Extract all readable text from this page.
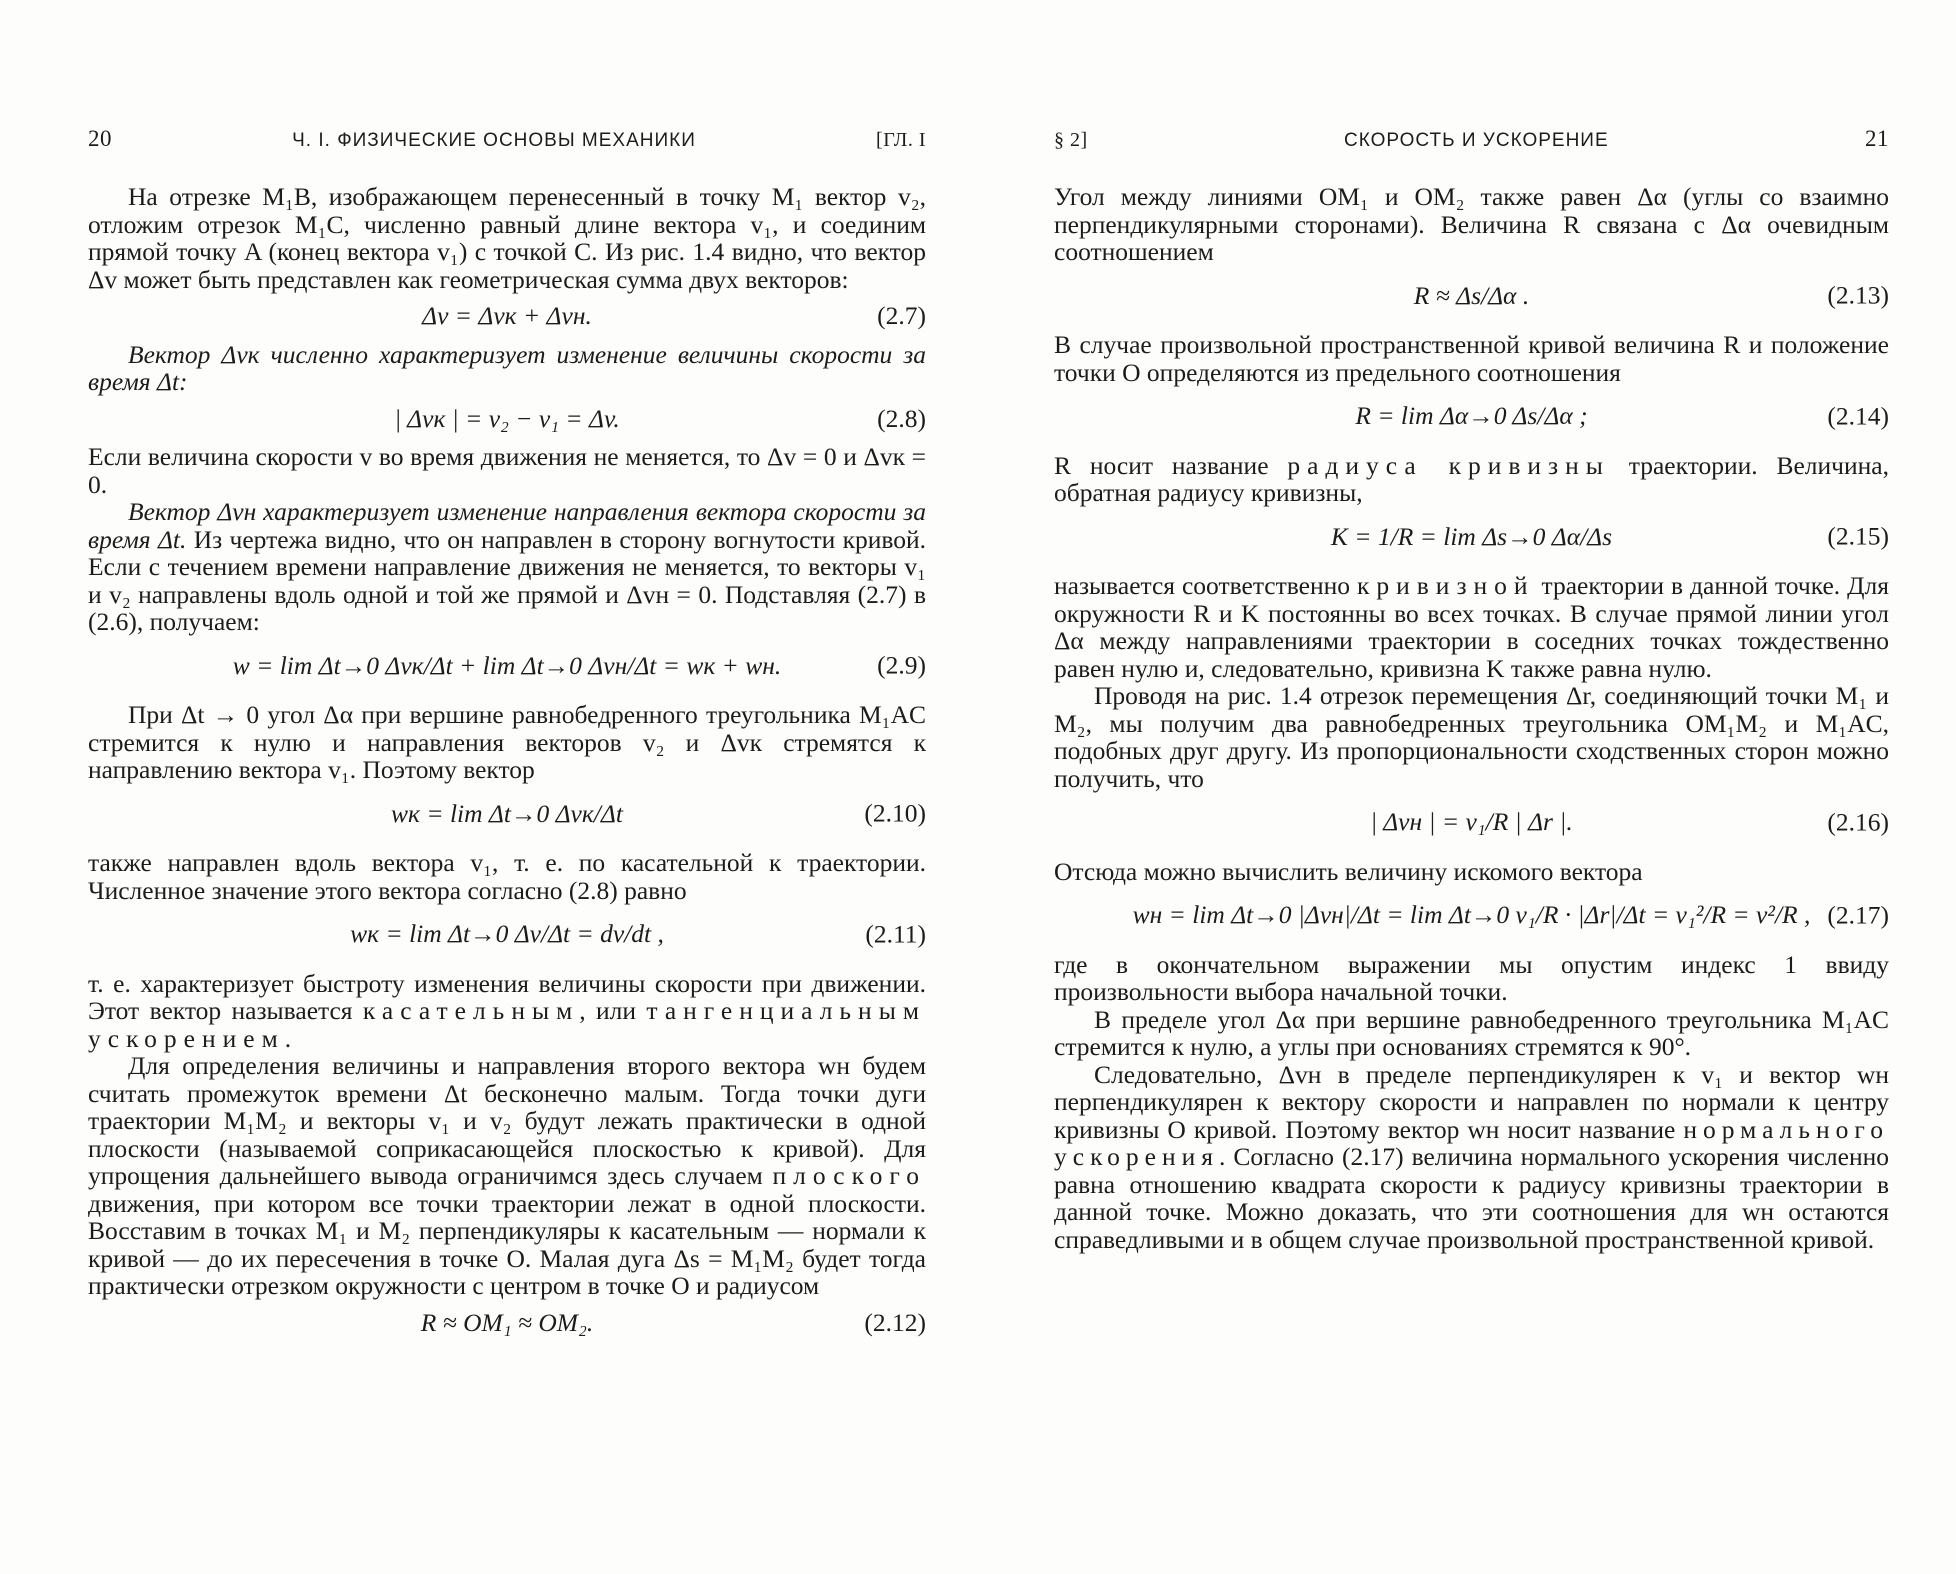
20	Ч. I. ФИЗИЧЕСКИЕ ОСНОВЫ МЕХАНИКИ	[ГЛ. I

На отрезке M₁B, изображающем перенесенный в точку M₁ вектор v₂, отложим отрезок M₁C, численно равный длине вектора v₁, и соединим прямой точку A (конец вектора v₁) с точкой C. Из рис. 1.4 видно, что вектор Δv может быть представлен как геометрическая сумма двух векторов:

Δv = Δvк + Δvн.	(2.7)

Вектор Δvк численно характеризует изменение величины скорости за время Δt:

| Δvк | = v₂ − v₁ = Δv.	(2.8)

Если величина скорости v во время движения не меняется, то Δv = 0 и Δvк = 0.

Вектор Δvн характеризует изменение направления вектора скорости за время Δt. Из чертежа видно, что он направлен в сторону вогнутости кривой. Если с течением времени направление движения не меняется, то векторы v₁ и v₂ направлены вдоль одной и той же прямой и Δvн = 0. Подставляя (2.7) в (2.6), получаем:

w = lim Δt→0 Δvк/Δt + lim Δt→0 Δvн/Δt = wк + wн.	(2.9)

При Δt → 0 угол Δα при вершине равнобедренного треугольника M₁AC стремится к нулю и направления векторов v₂ и Δvк стремятся к направлению вектора v₁. Поэтому вектор

wк = lim Δt→0 Δvк/Δt	(2.10)

также направлен вдоль вектора v₁, т. е. по касательной к траектории. Численное значение этого вектора согласно (2.8) равно

wк = lim Δt→0 Δv/Δt = dv/dt ,	(2.11)

т. е. характеризует быстроту изменения величины скорости при движении. Этот вектор называется касательным, или тангенциальным ускорением.

Для определения величины и направления второго вектора wн будем считать промежуток времени Δt бесконечно малым. Тогда точки дуги траектории M₁M₂ и векторы v₁ и v₂ будут лежать практически в одной плоскости (называемой соприкасающейся плоскостью к кривой). Для упрощения дальнейшего вывода ограничимся здесь случаем плоского движения, при котором все точки траектории лежат в одной плоскости. Восставим в точках M₁ и M₂ перпендикуляры к касательным — нормали к кривой — до их пересечения в точке O. Малая дуга Δs = M₁M₂ будет тогда практически отрезком окружности с центром в точке O и радиусом

R ≈ OM₁ ≈ OM₂.	(2.12)
§ 2]	СКОРОСТЬ И УСКОРЕНИЕ	21

Угол между линиями OM₁ и OM₂ также равен Δα (углы со взаимно перпендикулярными сторонами). Величина R связана с Δα очевидным соотношением

R ≈ Δs/Δα .	(2.13)

В случае произвольной пространственной кривой величина R и положение точки O определяются из предельного соотношения

R = lim Δα→0 Δs/Δα ;	(2.14)

R носит название радиуса кривизны траектории. Величина, обратная радиусу кривизны,

K = 1/R = lim Δs→0 Δα/Δs	(2.15)

называется соответственно кривизной траектории в данной точке. Для окружности R и K постоянны во всех точках. В случае прямой линии угол Δα между направлениями траектории в соседних точках тождественно равен нулю и, следовательно, кривизна K также равна нулю.

Проводя на рис. 1.4 отрезок перемещения Δr, соединяющий точки M₁ и M₂, мы получим два равнобедренных треугольника OM₁M₂ и M₁AC, подобных друг другу. Из пропорциональности сходственных сторон можно получить, что

| Δvн | = v₁/R | Δr |.	(2.16)

Отсюда можно вычислить величину искомого вектора

wн = lim Δt→0 |Δvн|/Δt = lim Δt→0 v₁/R · |Δr|/Δt = v₁²/R = v²/R , (2.17)

где в окончательном выражении мы опустим индекс 1 ввиду произвольности выбора начальной точки.

В пределе угол Δα при вершине равнобедренного треугольника M₁AC стремится к нулю, а углы при основаниях стремятся к 90°.

Следовательно, Δvн в пределе перпендикулярен к v₁ и вектор wн перпендикулярен к вектору скорости и направлен по нормали к центру кривизны O кривой. Поэтому вектор wн носит название нормального ускорения. Согласно (2.17) величина нормального ускорения численно равна отношению квадрата скорости к радиусу кривизны траектории в данной точке. Можно доказать, что эти соотношения для wн остаются справедливыми и в общем случае произвольной пространственной кривой.
